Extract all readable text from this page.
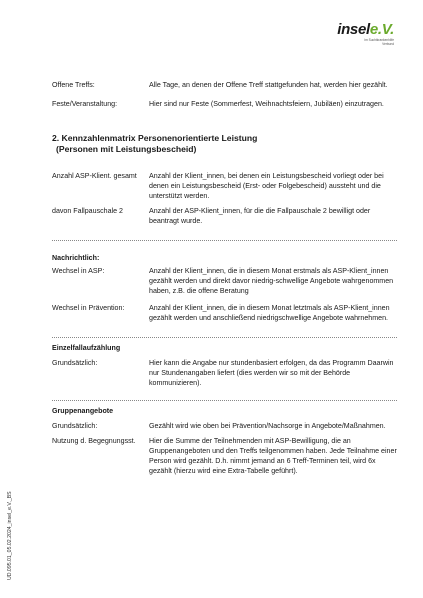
insele.V.
im Suchtkrankenhilfe
Verbund
Offene Treffs:	Alle Tage, an denen der Offene Treff stattgefunden hat, werden hier gezählt.
Feste/Veranstaltung:	Hier sind nur Feste (Sommerfest, Weihnachtsfeiern, Jubiläen) einzutragen.
2. Kennzahlenmatrix Personenorientierte Leistung
(Personen mit Leistungsbescheid)
Anzahl ASP-Klient. gesamt	Anzahl der Klient_innen, bei denen ein Leistungsbescheid vorliegt oder bei denen ein Leistungsbescheid (Erst- oder Folgebescheid) aussteht und die unterstützt werden.
davon Fallpauschale 2	Anzahl der ASP-Klient_innen, für die die Fallpauschale 2 bewilligt oder beantragt wurde.
Nachrichtlich:
Wechsel in ASP:	Anzahl der Klient_innen, die in diesem Monat erstmals als ASP-Klient_innen gezählt werden und direkt davor niedrig-schwellige Angebote wahrgenommen haben, z.B. die offene Beratung
Wechsel in Prävention:	Anzahl der Klient_innen, die in diesem Monat letztmals als ASP-Klient_innen gezählt werden und anschließend niedrigschwellige Angebote wahrnehmen.
Einzelfallaufzählung
Grundsätzlich:	Hier kann die Angabe nur stundenbasiert erfolgen, da das Programm Daarwin nur Stundenangaben liefert (dies werden wir so mit der Behörde kommunizieren).
Gruppenangebote
Grundsätzlich:	Gezählt wird wie oben bei Prävention/Nachsorge in Angebote/Maßnahmen.
Nutzung d. Begegnungsst.	Hier die Summe der Teilnehmenden mit ASP-Bewilligung, die an Gruppenangeboten und den Treffs teilgenommen haben. Jede Teilnahme einer Person wird gezählt. D.h. nimmt jemand an 6 Treff-Terminen teil, wird 6x gezählt (hierzu wird eine Extra-Tabelle geführt).
UD.095.01_05.02.2024_insel_e.V._BS
